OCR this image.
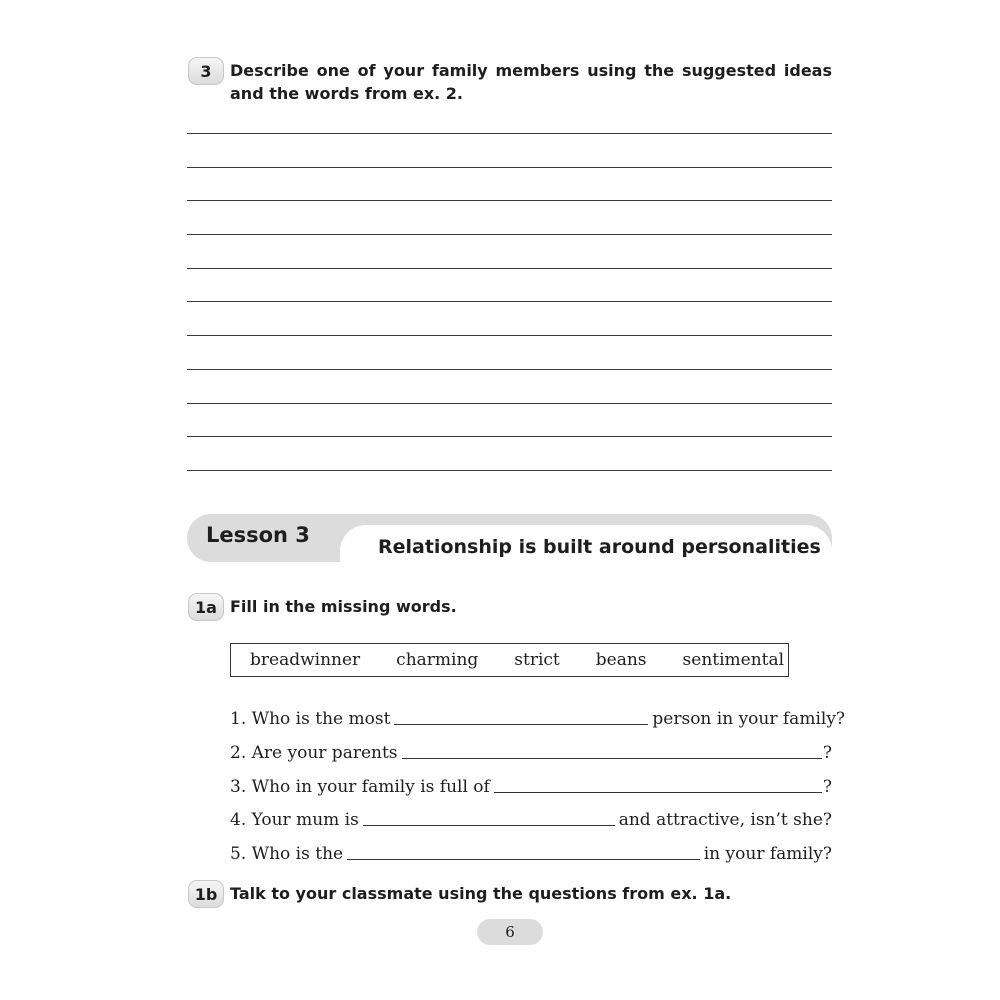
3	Describe one of your family members using the suggested ideas and the words from ex. 2.
Lesson 3	Relationship is built around personalities
1a Fill in the missing words.
breadwinner charming strict beans sentimental
1. Who is the most	person in your family?
2. Are your parents	?
3. Who in your family is full of	?
4. Your mum is	and attractive, isn’t she?
5. Who is the	in your family?
1b Talk to your classmate using the questions from ex. 1a.
6
